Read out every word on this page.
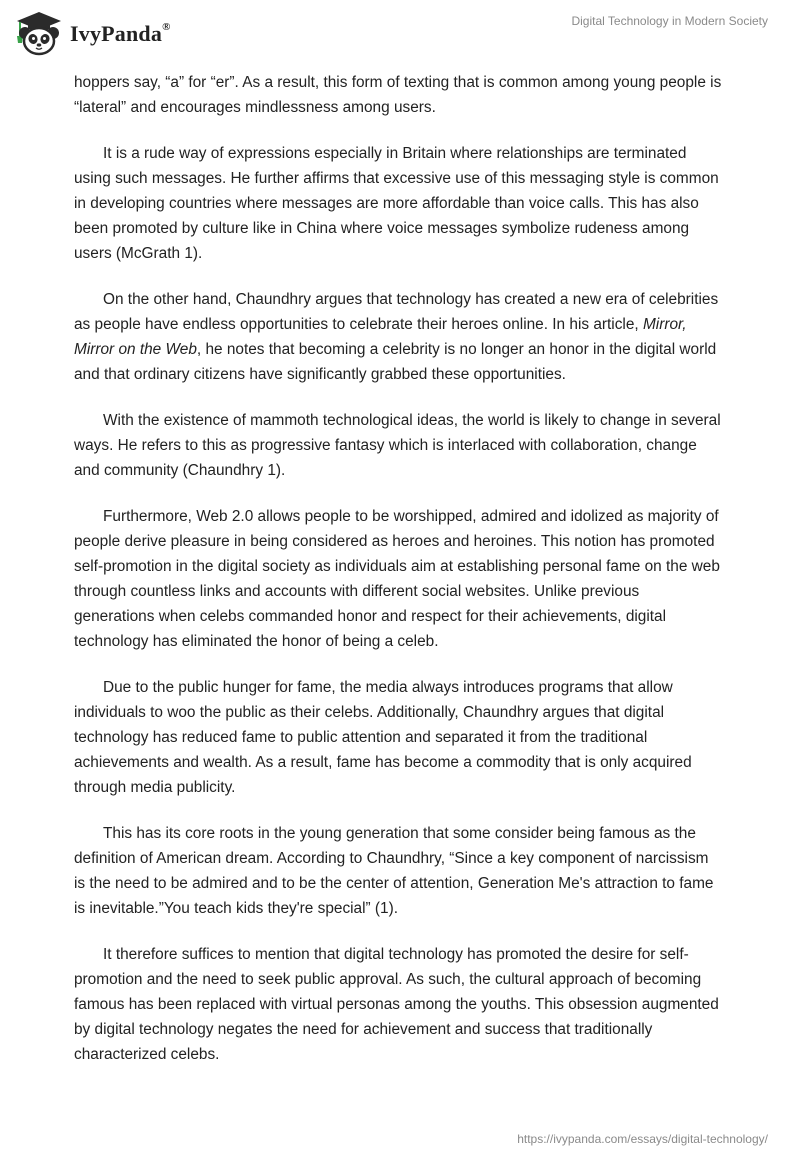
IvyPanda®	Digital Technology in Modern Society

hoppers say, “a” for “er”. As a result, this form of texting that is common among young people is “lateral” and encourages mindlessness among users.

It is a rude way of expressions especially in Britain where relationships are terminated using such messages. He further affirms that excessive use of this messaging style is common in developing countries where messages are more affordable than voice calls. This has also been promoted by culture like in China where voice messages symbolize rudeness among users (McGrath 1).

On the other hand, Chaundhry argues that technology has created a new era of celebrities as people have endless opportunities to celebrate their heroes online. In his article, Mirror, Mirror on the Web, he notes that becoming a celebrity is no longer an honor in the digital world and that ordinary citizens have significantly grabbed these opportunities.

With the existence of mammoth technological ideas, the world is likely to change in several ways. He refers to this as progressive fantasy which is interlaced with collaboration, change and community (Chaundhry 1).

Furthermore, Web 2.0 allows people to be worshipped, admired and idolized as majority of people derive pleasure in being considered as heroes and heroines. This notion has promoted self-promotion in the digital society as individuals aim at establishing personal fame on the web through countless links and accounts with different social websites. Unlike previous generations when celebs commanded honor and respect for their achievements, digital technology has eliminated the honor of being a celeb.

Due to the public hunger for fame, the media always introduces programs that allow individuals to woo the public as their celebs. Additionally, Chaundhry argues that digital technology has reduced fame to public attention and separated it from the traditional achievements and wealth. As a result, fame has become a commodity that is only acquired through media publicity.

This has its core roots in the young generation that some consider being famous as the definition of American dream. According to Chaundhry, “Since a key component of narcissism is the need to be admired and to be the center of attention, Generation Me's attraction to fame is inevitable.”You teach kids they're special” (1).

It therefore suffices to mention that digital technology has promoted the desire for self-promotion and the need to seek public approval. As such, the cultural approach of becoming famous has been replaced with virtual personas among the youths. This obsession augmented by digital technology negates the need for achievement and success that traditionally characterized celebs.

https://ivypanda.com/essays/digital-technology/
